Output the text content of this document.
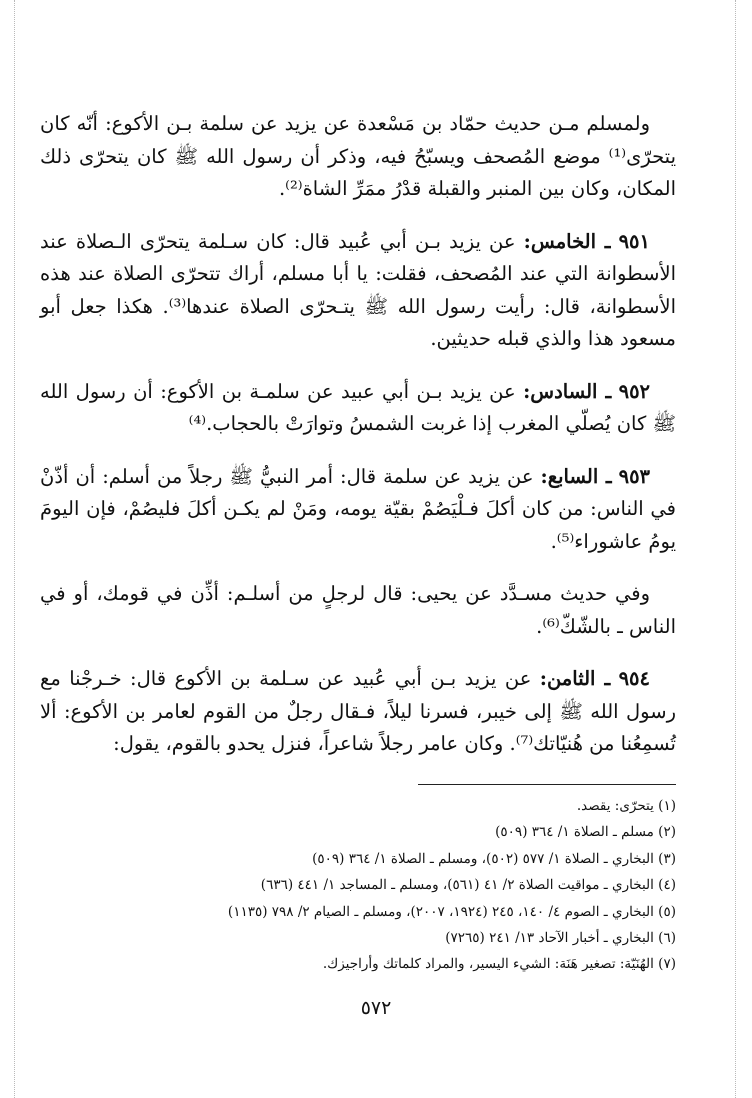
ولمسلم مـن حديث حمّاد بن مَسْعدة عن يزيد عن سلمة بـن الأكوع: أنّه كان يتحرّى⁽¹⁾ موضع المُصحف ويسبّحُ فيه، وذكر أن رسول الله ﷺ كان يتحرّى ذلك المكان، وكان بين المنبر والقبلة قدْرُ ممَرِّ الشاة⁽²⁾.

٩٥١ ـ الخامس: عن يزيد بـن أبي عُبيد قال: كان سـلمة يتحرّى الـصلاة عند الأسطوانة التي عند المُصحف، فقلت: يا أبا مسلم، أراك تتحرّى الصلاة عند هذه الأسطوانة، قال: رأيت رسول الله ﷺ يتـحرّى الصلاة عندها⁽³⁾. هكذا جعل أبو مسعود هذا والذي قبله حديثين.

٩٥٢ ـ السادس: عن يزيد بـن أبي عبيد عن سلمـة بن الأكوع: أن رسول الله ﷺ كان يُصلّي المغرب إذا غربت الشمسُ وتوارَتْ بالحجاب.⁽⁴⁾

٩٥٣ ـ السابع: عن يزيد عن سلمة قال: أمر النبيُّ ﷺ رجلاً من أسلم: أن أذّنْ في الناس: من كان أكلَ فـلْيَصُمْ بقيّة يومه، ومَنْ لم يكـن أكلَ فليصُمْ، فإن اليومَ يومُ عاشوراء⁽⁵⁾.

وفي حديث مسـدَّد عن يحيى: قال لرجلٍ من أسلـم: أذِّن في قومك، أو في الناس ـ بالشّكّ⁽⁶⁾.

٩٥٤ ـ الثامن: عن يزيد بـن أبي عُبيد عن سـلمة بن الأكوع قال: خـرجْنا مع رسول الله ﷺ إلى خيبر، فسرنا ليلاً، فـقال رجلٌ من القوم لعامر بن الأكوع: ألا تُسمِعُنا من هُنيّاتك⁽⁷⁾. وكان عامر رجلاً شاعراً، فنزل يحدو بالقوم، يقول:

(١) يتحرّى: يقصد.
(٢) مسلم ـ الصلاة ١/ ٣٦٤ (٥٠٩)
(٣) البخاري ـ الصلاة ١/ ٥٧٧ (٥٠٢)، ومسلم ـ الصلاة ١/ ٣٦٤ (٥٠٩)
(٤) البخاري ـ مواقيت الصلاة ٢/ ٤١ (٥٦١)، ومسلم ـ المساجد ١/ ٤٤١ (٦٣٦)
(٥) البخاري ـ الصوم ٤/ ١٤٠، ٢٤٥ (١٩٢٤، ٢٠٠٧)، ومسلم ـ الصيام ٢/ ٧٩٨ (١١٣٥)
(٦) البخاري ـ أخبار الآحاد ١٣/ ٢٤١ (٧٢٦٥)
(٧) الهُنَيّة: تصغير هَنَة: الشيء اليسير، والمراد كلماتك وأراجيزك.
٥٧٢
